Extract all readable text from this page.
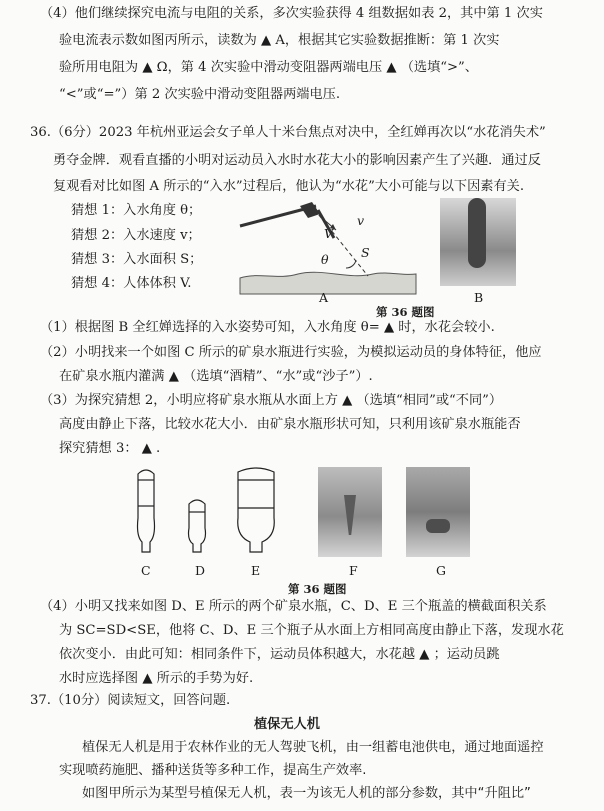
（4）他们继续探究电流与电阻的关系，多次实验获得 4 组数据如表 2，其中第 1 次实
验电流表示数如图丙所示，读数为 ▲ A，根据其它实验数据推断：第 1 次实
验所用电阻为 ▲ Ω，第 4 次实验中滑动变阻器两端电压 ▲ （选填“>”、
“<”或“=”）第 2 次实验中滑动变阻器两端电压.
36.（6分）2023 年杭州亚运会女子单人十米台焦点对决中，全红婵再次以“水花消失术”
勇夺金牌．观看直播的小明对运动员入水时水花大小的影响因素产生了兴趣．通过反
复观看对比如图 A 所示的“入水”过程后，他认为“水花”大小可能与以下因素有关.
猜想 1：入水角度 θ；
猜想 2：入水速度 v；
猜想 3：入水面积 S；
猜想 4：人体体积 V.
V
v
S
θ
A	B
第 36 题图
（1）根据图 B 全红婵选择的入水姿势可知，入水角度 θ= ▲ 时，水花会较小.
（2）小明找来一个如图 C 所示的矿泉水瓶进行实验，为模拟运动员的身体特征，他应
在矿泉水瓶内灌满 ▲ （选填“酒精”、“水”或“沙子”）.
（3）为探究猜想 2，小明应将矿泉水瓶从水面上方 ▲ （选填“相同”或“不同”）
高度由静止下落，比较水花大小．由矿泉水瓶形状可知，只利用该矿泉水瓶能否
探究猜想 3： ▲ .
C	D	E	F	G
第 36 题图
（4）小明又找来如图 D、E 所示的两个矿泉水瓶，C、D、E 三个瓶盖的横截面积关系
为 SC=SD<SE，他将 C、D、E 三个瓶子从水面上方相同高度由静止下落，发现水花
依次变小．由此可知：相同条件下，运动员体积越大，水花越 ▲ ；运动员跳
水时应选择图 ▲ 所示的手势为好.
37.（10分）阅读短文，回答问题.
植保无人机
植保无人机是用于农林作业的无人驾驶飞机，由一组蓄电池供电，通过地面遥控
实现喷药施肥、播种送货等多种工作，提高生产效率.
如图甲所示为某型号植保无人机，表一为该无人机的部分参数，其中“升阻比”
